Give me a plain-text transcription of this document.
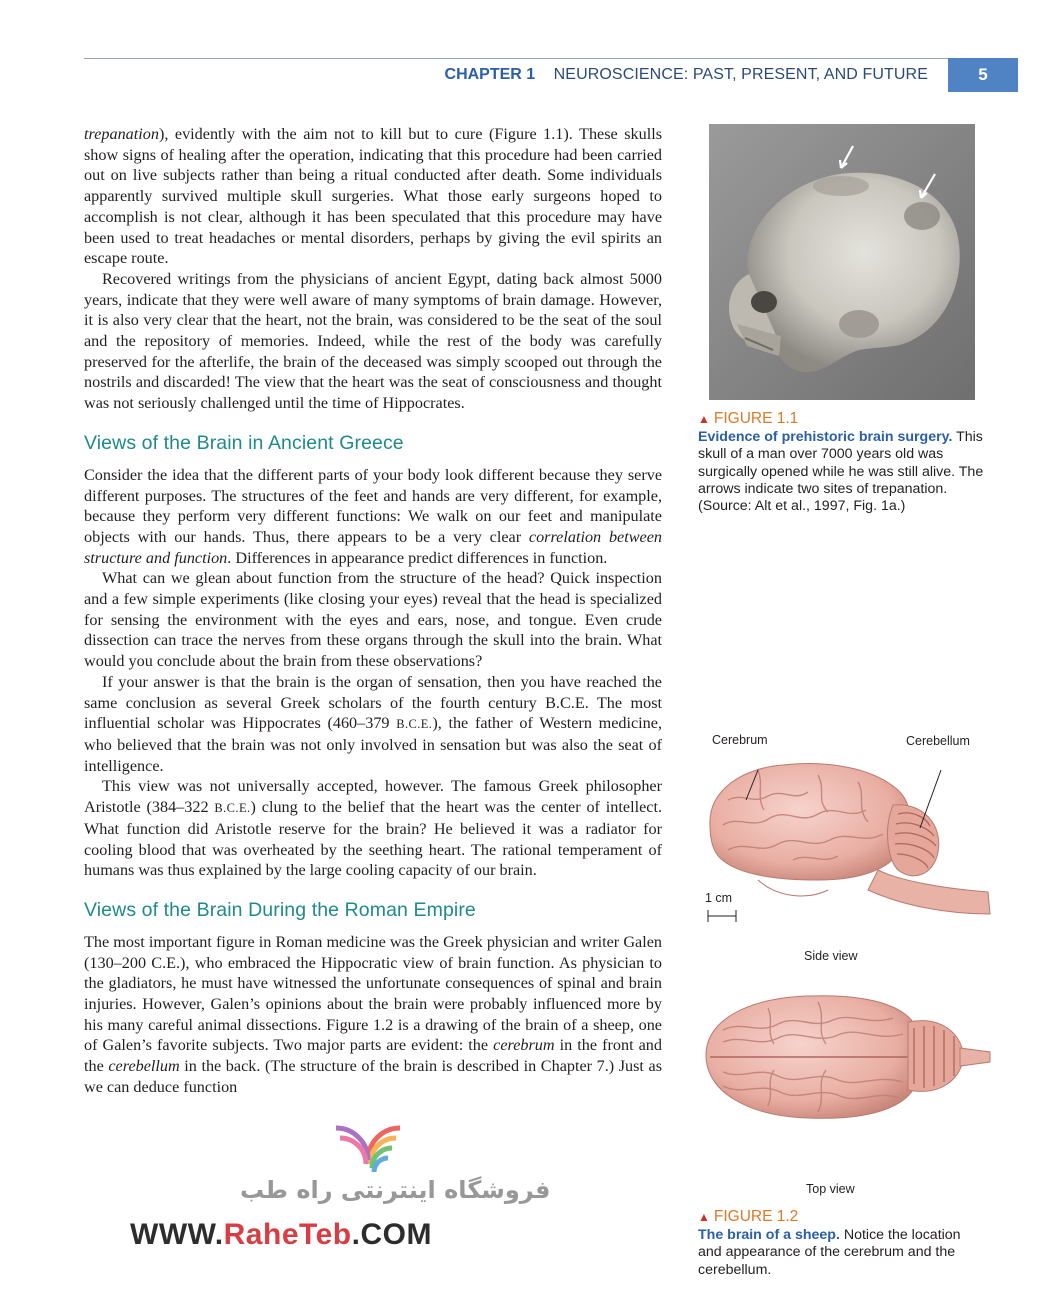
CHAPTER 1 NEUROSCIENCE: PAST, PRESENT, AND FUTURE	5

trepanation), evidently with the aim not to kill but to cure (Figure 1.1). These skulls show signs of healing after the operation, indicating that this procedure had been carried out on live subjects rather than being a ritual conducted after death. Some individuals apparently survived multiple skull surgeries. What those early surgeons hoped to accomplish is not clear, although it has been speculated that this procedure may have been used to treat headaches or mental disorders, perhaps by giving the evil spirits an escape route.

Recovered writings from the physicians of ancient Egypt, dating back almost 5000 years, indicate that they were well aware of many symptoms of brain damage. However, it is also very clear that the heart, not the brain, was considered to be the seat of the soul and the repository of memories. Indeed, while the rest of the body was carefully preserved for the afterlife, the brain of the deceased was simply scooped out through the nostrils and discarded! The view that the heart was the seat of consciousness and thought was not seriously challenged until the time of Hippocrates.

Views of the Brain in Ancient Greece

Consider the idea that the different parts of your body look different because they serve different purposes. The structures of the feet and hands are very different, for example, because they perform very different functions: We walk on our feet and manipulate objects with our hands. Thus, there appears to be a very clear correlation between structure and function. Differences in appearance predict differences in function.

What can we glean about function from the structure of the head? Quick inspection and a few simple experiments (like closing your eyes) reveal that the head is specialized for sensing the environment with the eyes and ears, nose, and tongue. Even crude dissection can trace the nerves from these organs through the skull into the brain. What would you conclude about the brain from these observations?

If your answer is that the brain is the organ of sensation, then you have reached the same conclusion as several Greek scholars of the fourth century B.C.E. The most influential scholar was Hippocrates (460–379 B.C.E.), the father of Western medicine, who believed that the brain was not only involved in sensation but was also the seat of intelligence.

This view was not universally accepted, however. The famous Greek philosopher Aristotle (384–322 B.C.E.) clung to the belief that the heart was the center of intellect. What function did Aristotle reserve for the brain? He believed it was a radiator for cooling blood that was overheated by the seething heart. The rational temperament of humans was thus explained by the large cooling capacity of our brain.

Views of the Brain During the Roman Empire

The most important figure in Roman medicine was the Greek physician and writer Galen (130–200 C.E.), who embraced the Hippocratic view of brain function. As physician to the gladiators, he must have witnessed the unfortunate consequences of spinal and brain injuries. However, Galen’s opinions about the brain were probably influenced more by his many careful animal dissections. Figure 1.2 is a drawing of the brain of a sheep, one of Galen’s favorite subjects. Two major parts are evident: the cerebrum in the front and the cerebellum in the back. (The structure of the brain is described in Chapter 7.) Just as we can deduce function

▲ FIGURE 1.1
Evidence of prehistoric brain surgery. This skull of a man over 7000 years old was surgically opened while he was still alive. The arrows indicate two sites of trepanation. (Source: Alt et al., 1997, Fig. 1a.)
Cerebrum	Cerebellum
1 cm
Side view
Top view
▲ FIGURE 1.2
The brain of a sheep. Notice the location and appearance of the cerebrum and the cerebellum.
فروشگاه اینترنتی راه طب
WWW.RaheTeb.COM
